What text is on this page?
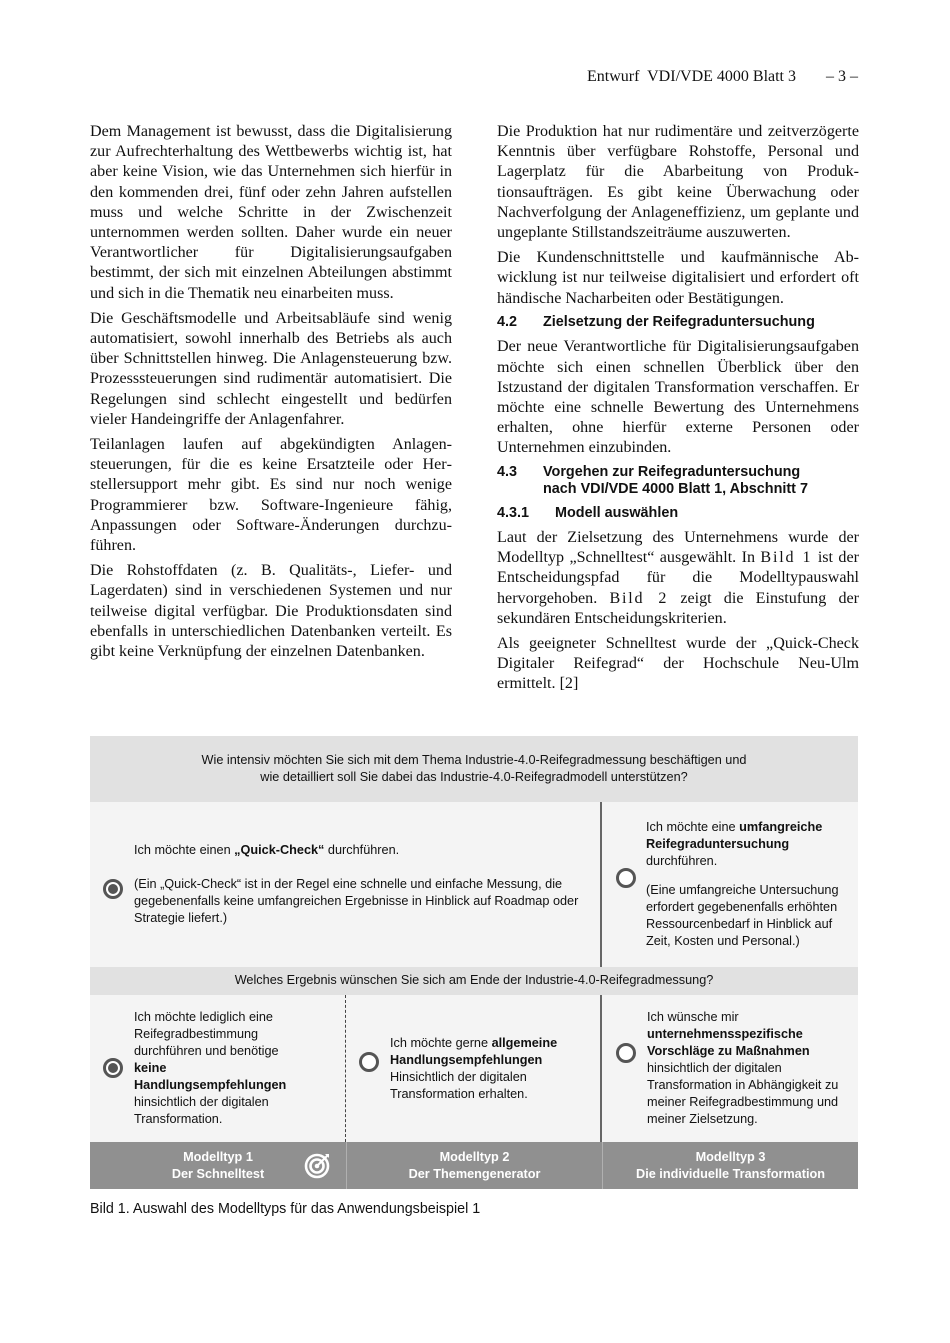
Entwurf  VDI/VDE 4000 Blatt 3 – 3 –

Dem Management ist bewusst, dass die Digitalisierung zur Aufrechterhaltung des Wettbewerbs wichtig ist, hat aber keine Vision, wie das Unternehmen sich hierfür in den kommenden drei, fünf oder zehn Jahren aufstellen muss und welche Schritte in der Zwischenzeit unternommen werden sollten. Daher wurde ein neuer Verantwortlicher für Digitalisierungsaufgaben bestimmt, der sich mit einzelnen Abteilungen abstimmt und sich in die Thematik neu einarbeiten muss.

Die Geschäftsmodelle und Arbeitsabläufe sind wenig automatisiert, sowohl innerhalb des Betriebs als auch über Schnittstellen hinweg. Die Anlagensteuerung bzw. Prozesssteuerungen sind rudimentär automatisiert. Die Regelungen sind schlecht eingestellt und bedürfen vieler Handeingriffe der Anlagenfahrer.

Teilanlagen laufen auf abgekündigten Anlagensteuerungen, für die es keine Ersatzteile oder Herstellersupport mehr gibt. Es sind nur noch wenige Programmierer bzw. Software-Ingenieure fähig, Anpassungen oder Software-Änderungen durchzuführen.

Die Rohstoffdaten (z. B. Qualitäts-, Liefer- und Lagerdaten) sind in verschiedenen Systemen und nur teilweise digital verfügbar. Die Produktionsdaten sind ebenfalls in unterschiedlichen Datenbanken verteilt. Es gibt keine Verknüpfung der einzelnen Datenbanken.

Die Produktion hat nur rudimentäre und zeitverzögerte Kenntnis über verfügbare Rohstoffe, Personal und Lagerplatz für die Abarbeitung von Produktionsaufträgen. Es gibt keine Überwachung oder Nachverfolgung der Anlageneffizienz, um geplante und ungeplante Stillstandszeiträume auszuwerten.

Die Kundenschnittstelle und kaufmännische Abwicklung ist nur teilweise digitalisiert und erfordert oft händische Nacharbeiten oder Bestätigungen.

4.2	Zielsetzung der Reifegraduntersuchung

Der neue Verantwortliche für Digitalisierungsaufgaben möchte sich einen schnellen Überblick über den Istzustand der digitalen Transformation verschaffen. Er möchte eine schnelle Bewertung des Unternehmens erhalten, ohne hierfür externe Personen oder Unternehmen einzubinden.

4.3	Vorgehen zur Reifegraduntersuchung
nach VDI/VDE 4000 Blatt 1, Abschnitt 7
4.3.1	Modell auswählen

Laut der Zielsetzung des Unternehmens wurde der Modelltyp „Schnelltest“ ausgewählt. In Bild 1 ist der Entscheidungspfad für die Modelltypauswahl hervorgehoben. Bild 2 zeigt die Einstufung der sekundären Entscheidungskriterien.

Als geeigneter Schnelltest wurde der „Quick-Check Digitaler Reifegrad“ der Hochschule Neu-Ulm ermittelt. [2]

Wie intensiv möchten Sie sich mit dem Thema Industrie-4.0-Reifegradmessung beschäftigen und
wie detailliert soll Sie dabei das Industrie-4.0-Reifegradmodell unterstützen?
Ich möchte einen „Quick-Check“ durchführen.
(Ein „Quick-Check“ ist in der Regel eine schnelle und einfache Messung, die gegebenenfalls keine umfangreichen Ergebnisse in Hinblick auf Roadmap oder Strategie liefert.)
Ich möchte eine umfangreiche Reifegraduntersuchung
durchführen.
(Eine umfangreiche Untersuchung erfordert gegebenenfalls erhöhten Ressourcenbedarf in Hinblick auf Zeit, Kosten und Personal.)
Welches Ergebnis wünschen Sie sich am Ende der Industrie-4.0-Reifegradmessung?
Ich möchte lediglich eine Reifegradbestimmung durchführen und benötige keine Handlungsempfehlungen hinsichtlich der digitalen Transformation.
Ich möchte gerne allgemeine Handlungsempfehlungen Hinsichtlich der digitalen Transformation erhalten.
Ich wünsche mir unternehmensspezifische Vorschläge zu Maßnahmen hinsichtlich der digitalen Transformation in Abhängigkeit zu meiner Reifegradbestimmung und meiner Zielsetzung.
Modelltyp 1
Der Schnelltest
Modelltyp 2
Der Themengenerator
Modelltyp 3
Die individuelle Transformation
Bild 1. Auswahl des Modelltyps für das Anwendungsbeispiel 1
